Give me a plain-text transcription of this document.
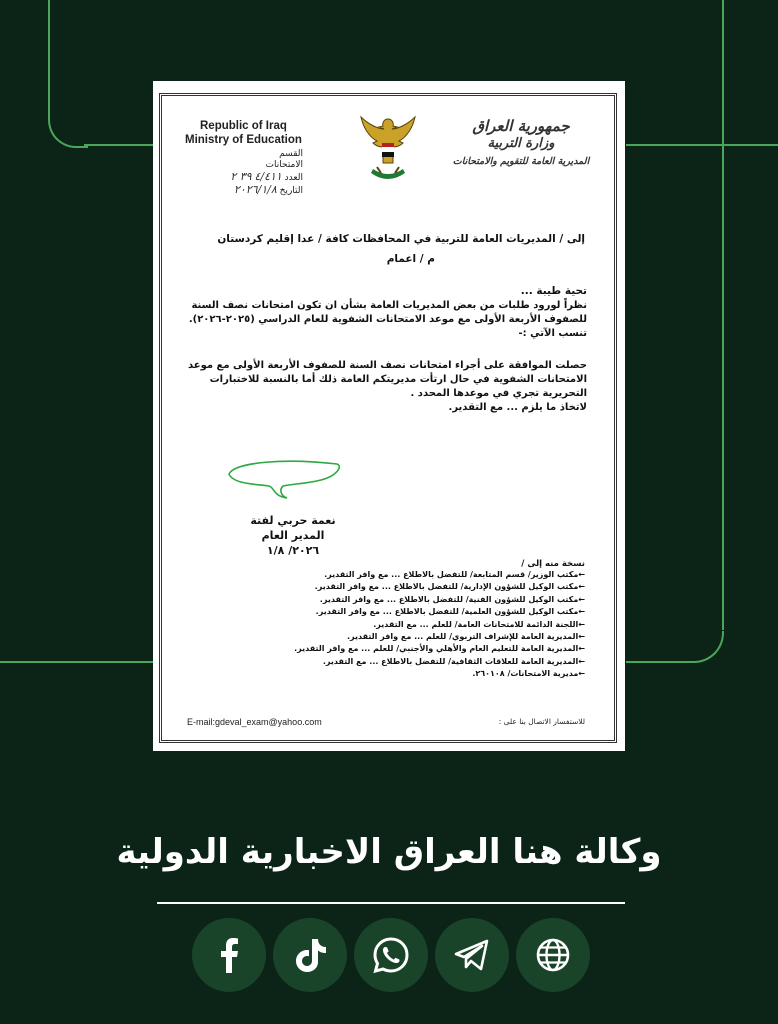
Republic of Iraq
Ministry of Education
القسم
الامتحانات
العدد ٤/٤١١ ٣٩ ٢
التاريخ ٢٠٢٦/١/٨
جمهورية العراق
وزارة التربية
المديرية العامة للتقويم والامتحانات
إلى / المديريات العامة للتربية في المحافظات كافة / عدا إقليم كردستان
م / اعمام
تحية طيبة ...
نظراً لورود طلبات من بعض المديريات العامة بشأن ان تكون امتحانات نصف السنة للصفوف الأربعة الأولى مع موعد الامتحانات الشفوية للعام الدراسي (٢٠٢٥-٢٠٢٦).
تنسب الآتي :-
حصلت الموافقة على أجراء امتحانات نصف السنة للصفوف الأربعة الأولى مع موعد الامتحانات الشفوية في حال ارتأت مديريتكم العامة ذلك أما بالنسبة للاختبارات التحريرية تجري في موعدها المحدد .
لاتخاذ ما يلزم ... مع التقدير.
نعمة حربي لفتة
المدير العام
٢٠٢٦/ ١/٨
نسخة منه إلى /
← مكتب الوزير/ قسم المتابعة/ للتفضل بالاطلاع ... مع وافر التقدير.
← مكتب الوكيل للشؤون الإدارية/ للتفضل بالاطلاع ... مع وافر التقدير.
← مكتب الوكيل للشؤون الفنية/ للتفضل بالاطلاع ... مع وافر التقدير.
← مكتب الوكيل للشؤون العلمية/ للتفضل بالاطلاع ... مع وافر التقدير.
← اللجنة الدائمة للامتحانات العامة/ للعلم ... مع التقدير.
← المديرية العامة للإشراف التربوي/ للعلم ... مع وافر التقدير.
← المديرية العامة للتعليم العام والأهلي والأجنبي/ للعلم ... مع وافر التقدير.
← المديرية العامة للعلاقات الثقافية/ للتفضل بالاطلاع ... مع التقدير.
← مديرية الامتحانات/ ٢٦٠١٠٨.
E-mail:gdeval_exam@yahoo.com	للاستفسار الاتصال بنا على :
وكالة هنا العراق الاخبارية الدولية
